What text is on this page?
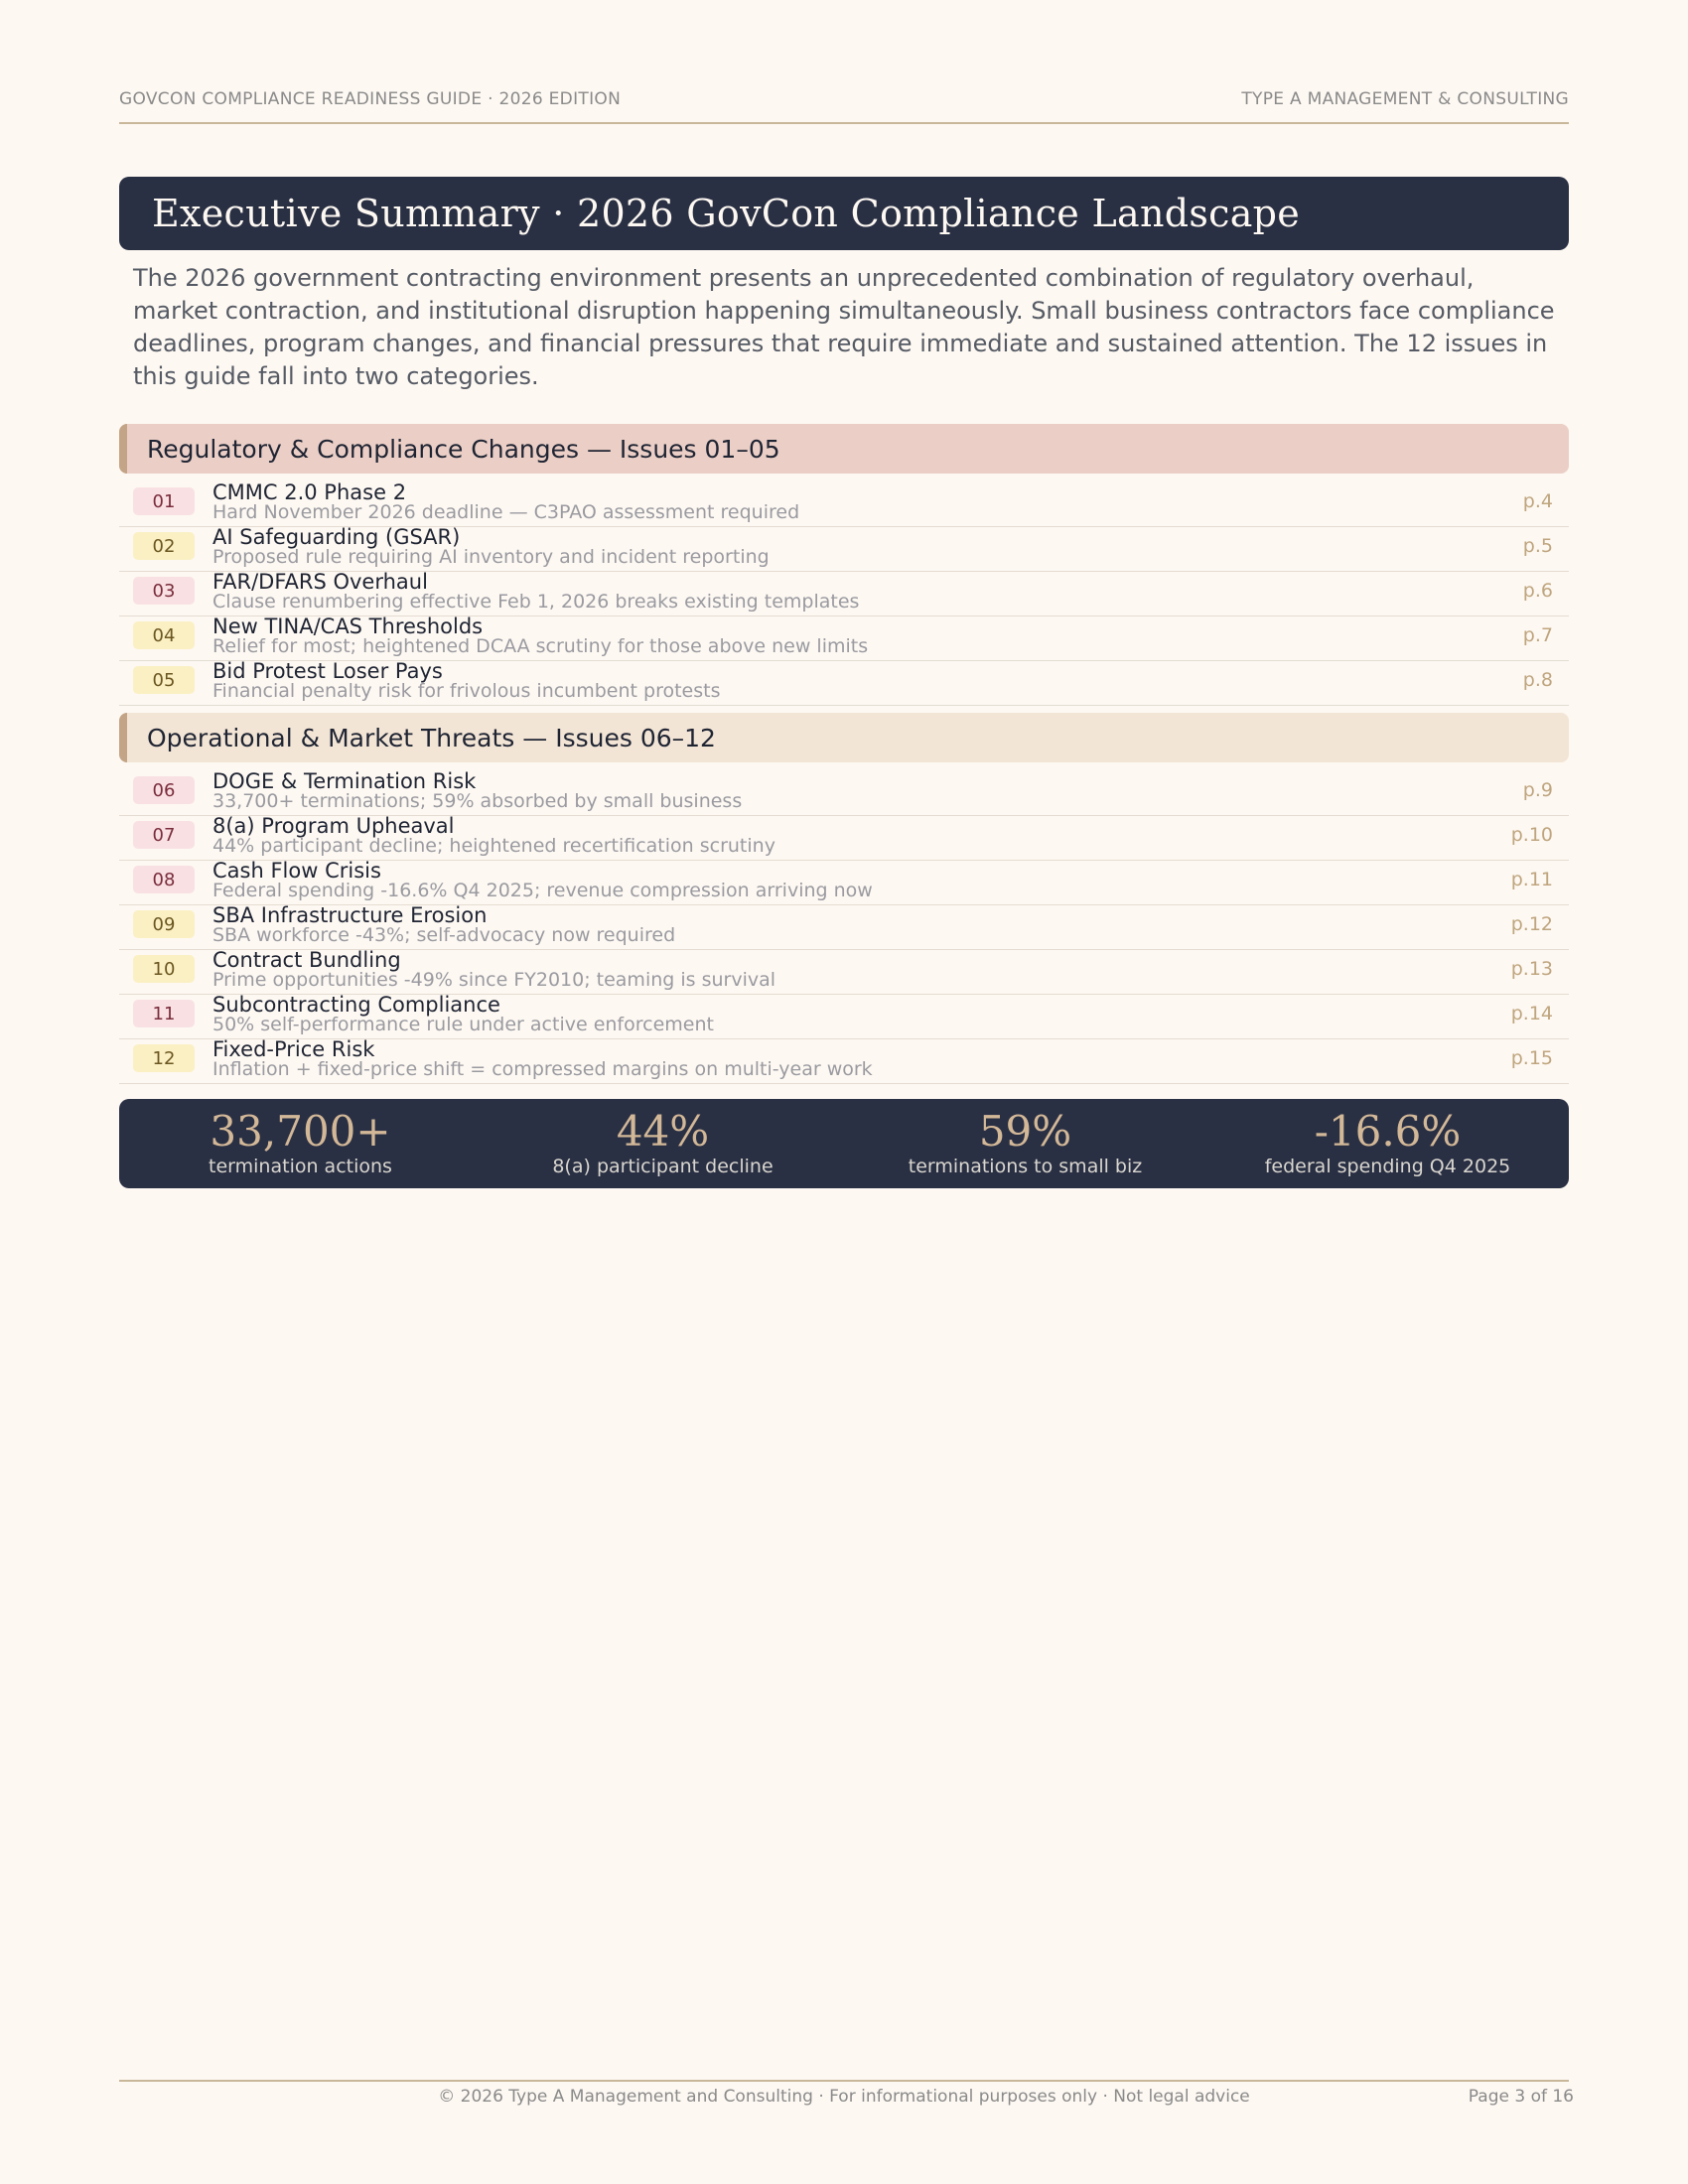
GOVCON COMPLIANCE READINESS GUIDE · 2026 EDITION	TYPE A MANAGEMENT & CONSULTING
Executive Summary · 2026 GovCon Compliance Landscape

The 2026 government contracting environment presents an unprecedented combination of regulatory overhaul, market contraction, and institutional disruption happening simultaneously. Small business contractors face compliance deadlines, program changes, and financial pressures that require immediate and sustained attention. The 12 issues in this guide fall into two categories.

Regulatory & Compliance Changes — Issues 01–05
01	CMMC 2.0 Phase 2
Hard November 2026 deadline — C3PAO assessment required	p.4
02	AI Safeguarding (GSAR)
Proposed rule requiring AI inventory and incident reporting	p.5
03	FAR/DFARS Overhaul
Clause renumbering effective Feb 1, 2026 breaks existing templates	p.6
04	New TINA/CAS Thresholds
Relief for most; heightened DCAA scrutiny for those above new limits	p.7
05	Bid Protest Loser Pays
Financial penalty risk for frivolous incumbent protests	p.8
Operational & Market Threats — Issues 06–12
06	DOGE & Termination Risk
33,700+ terminations; 59% absorbed by small business	p.9
07	8(a) Program Upheaval
44% participant decline; heightened recertification scrutiny	p.10
08	Cash Flow Crisis
Federal spending -16.6% Q4 2025; revenue compression arriving now	p.11
09	SBA Infrastructure Erosion
SBA workforce -43%; self-advocacy now required	p.12
10	Contract Bundling
Prime opportunities -49% since FY2010; teaming is survival	p.13
11	Subcontracting Compliance
50% self-performance rule under active enforcement	p.14
12	Fixed-Price Risk
Inflation + fixed-price shift = compressed margins on multi-year work	p.15
33,700+
termination actions
44%
8(a) participant decline
59%
terminations to small biz
-16.6%
federal spending Q4 2025
© 2026 Type A Management and Consulting · For informational purposes only · Not legal advice	Page 3 of 16
